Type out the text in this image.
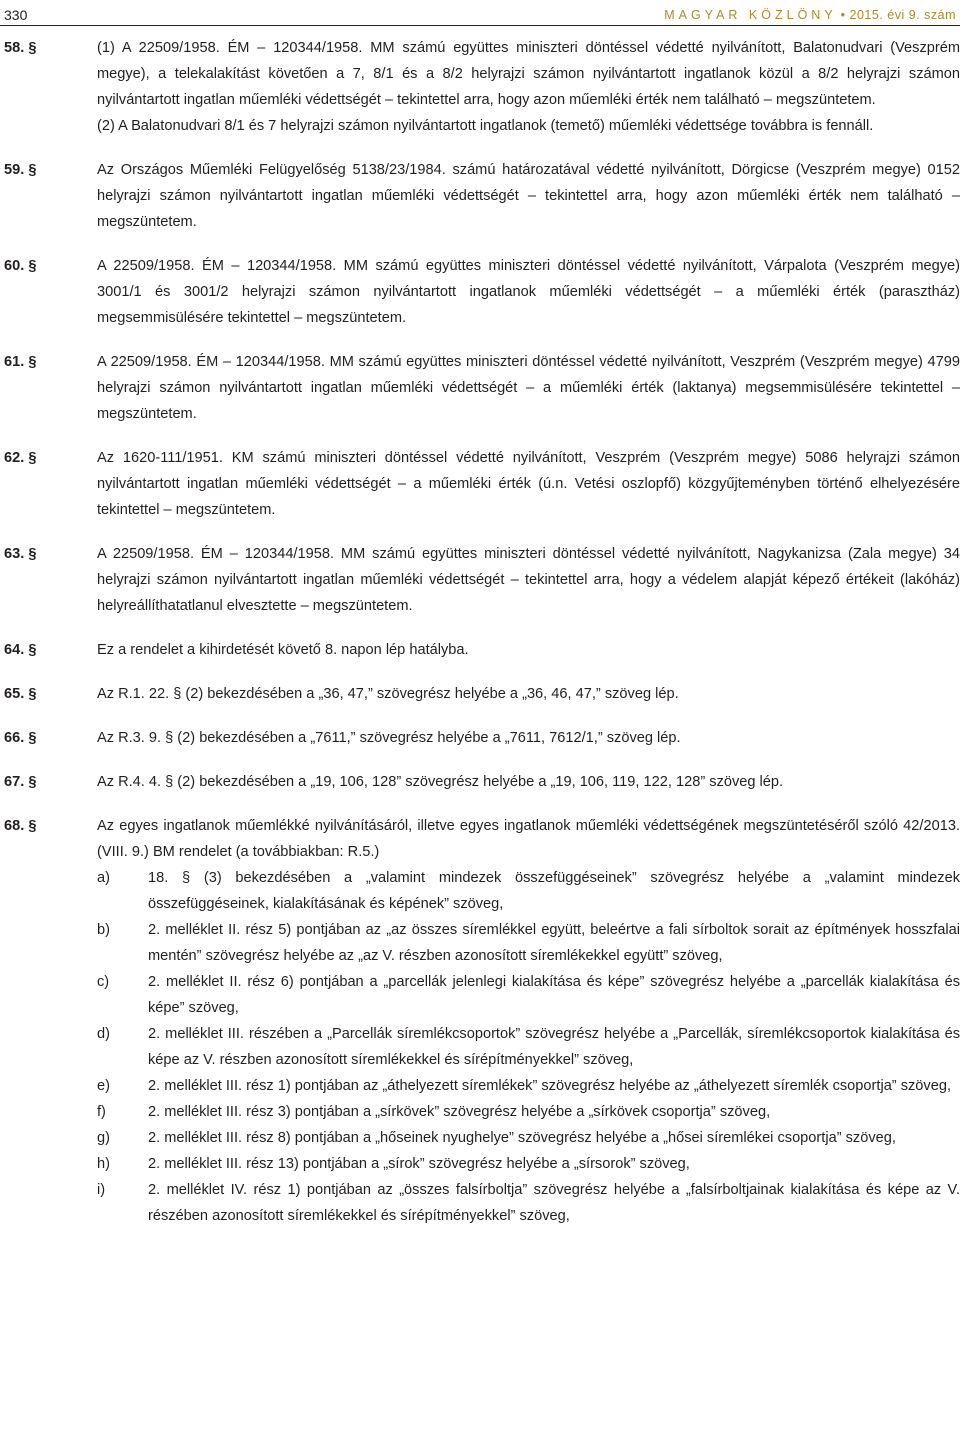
330	MAGYAR KÖZLÖNY • 2015. évi 9. szám
58. §	(1) A 22509/1958. ÉM – 120344/1958. MM számú együttes miniszteri döntéssel védetté nyilvánított, Balatonudvari (Veszprém megye), a telekalakítást követően a 7, 8/1 és a 8/2 helyrajzi számon nyilvántartott ingatlanok közül a 8/2 helyrajzi számon nyilvántartott ingatlan műemléki védettségét – tekintettel arra, hogy azon műemléki érték nem található – megszüntetem.
(2) A Balatonudvari 8/1 és 7 helyrajzi számon nyilvántartott ingatlanok (temető) műemléki védettsége továbbra is fennáll.
59. §	Az Országos Műemléki Felügyelőség 5138/23/1984. számú határozatával védetté nyilvánított, Dörgicse (Veszprém megye) 0152 helyrajzi számon nyilvántartott ingatlan műemléki védettségét – tekintettel arra, hogy azon műemléki érték nem található – megszüntetem.
60. §	A 22509/1958. ÉM – 120344/1958. MM számú együttes miniszteri döntéssel védetté nyilvánított, Várpalota (Veszprém megye) 3001/1 és 3001/2 helyrajzi számon nyilvántartott ingatlanok műemléki védettségét – a műemléki érték (parasztház) megsemmisülésére tekintettel – megszüntetem.
61. §	A 22509/1958. ÉM – 120344/1958. MM számú együttes miniszteri döntéssel védetté nyilvánított, Veszprém (Veszprém megye) 4799 helyrajzi számon nyilvántartott ingatlan műemléki védettségét – a műemléki érték (laktanya) megsemmisülésére tekintettel – megszüntetem.
62. §	Az 1620-111/1951. KM számú miniszteri döntéssel védetté nyilvánított, Veszprém (Veszprém megye) 5086 helyrajzi számon nyilvántartott ingatlan műemléki védettségét – a műemléki érték (ú.n. Vetési oszlopfő) közgyűjteményben történő elhelyezésére tekintettel – megszüntetem.
63. §	A 22509/1958. ÉM – 120344/1958. MM számú együttes miniszteri döntéssel védetté nyilvánított, Nagykanizsa (Zala megye) 34 helyrajzi számon nyilvántartott ingatlan műemléki védettségét – tekintettel arra, hogy a védelem alapját képező értékeit (lakóház) helyreállíthatatlanul elvesztette – megszüntetem.
64. §	Ez a rendelet a kihirdetését követő 8. napon lép hatályba.
65. §	Az R.1. 22. § (2) bekezdésében a „36, 47,” szövegrész helyébe a „36, 46, 47,” szöveg lép.
66. §	Az R.3. 9. § (2) bekezdésében a „7611,” szövegrész helyébe a „7611, 7612/1,” szöveg lép.
67. §	Az R.4. 4. § (2) bekezdésében a „19, 106, 128” szövegrész helyébe a „19, 106, 119, 122, 128” szöveg lép.
68. §	Az egyes ingatlanok műemlékké nyilvánításáról, illetve egyes ingatlanok műemléki védettségének megszüntetéséről szóló 42/2013. (VIII. 9.) BM rendelet (a továbbiakban: R.5.)
a)	18. § (3) bekezdésében a „valamint mindezek összefüggéseinek” szövegrész helyébe a „valamint mindezek összefüggéseinek, kialakításának és képének” szöveg,
b)	2. melléklet II. rész 5) pontjában az „az összes síremlékkel együtt, beleértve a fali sírboltok sorait az építmények hosszfalai mentén” szövegrész helyébe az „az V. részben azonosított síremlékekkel együtt” szöveg,
c)	2. melléklet II. rész 6) pontjában a „parcellák jelenlegi kialakítása és képe” szövegrész helyébe a „parcellák kialakítása és képe” szöveg,
d)	2. melléklet III. részében a „Parcellák síremlékcsoportok” szövegrész helyébe a „Parcellák, síremlékcsoportok kialakítása és képe az V. részben azonosított síremlékekkel és sírépítményekkel” szöveg,
e)	2. melléklet III. rész 1) pontjában az „áthelyezett síremlékek” szövegrész helyébe az „áthelyezett síremlék csoportja” szöveg,
f)	2. melléklet III. rész 3) pontjában a „sírkövek” szövegrész helyébe a „sírkövek csoportja” szöveg,
g)	2. melléklet III. rész 8) pontjában a „hőseinek nyughelye” szövegrész helyébe a „hősei síremlékei csoportja” szöveg,
h)	2. melléklet III. rész 13) pontjában a „sírok” szövegrész helyébe a „sírsorok” szöveg,
i)	2. melléklet IV. rész 1) pontjában az „összes falsírboltja” szövegrész helyébe a „falsírboltjainak kialakítása és képe az V. részében azonosított síremlékekkel és sírépítményekkel” szöveg,
